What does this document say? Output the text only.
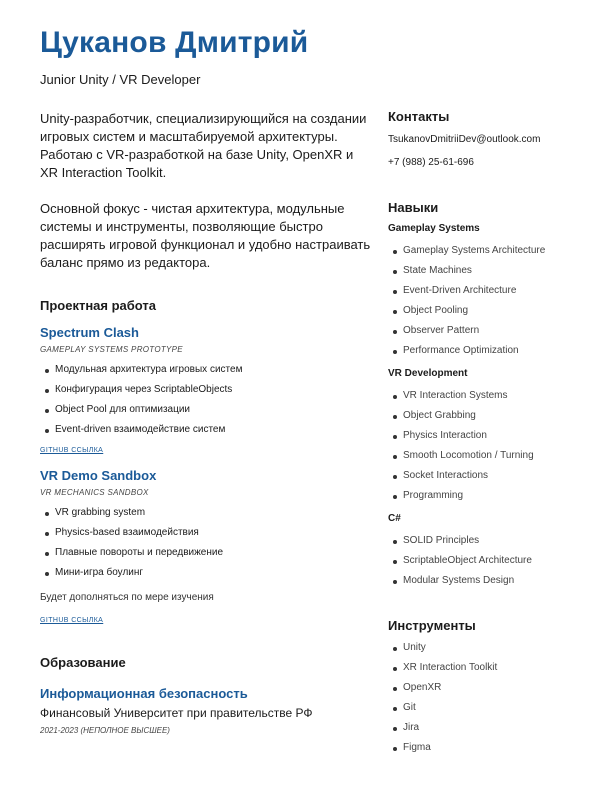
Цуканов Дмитрий
Junior Unity / VR Developer

Unity-разработчик, специализирующийся на создании игровых систем и масштабируемой архитектуры. Работаю с VR-разработкой на базе Unity, OpenXR и XR Interaction Toolkit.

Основной фокус - чистая архитектура, модульные системы и инструменты, позволяющие быстро расширять игровой функционал и удобно настраивать баланс прямо из редактора.

Проектная работа
Spectrum Clash
GAMEPLAY SYSTEMS PROTOTYPE
Модульная архитектура игровых систем
Конфигурация через ScriptableObjects
Object Pool для оптимизации
Event-driven взаимодействие систем
GITHUB ССЫЛКА
VR Demo Sandbox
VR MECHANICS SANDBOX
VR grabbing system
Physics-based взаимодействия
Плавные повороты и передвижение
Мини-игра боулинг
Будет дополняться по мере изучения
GITHUB ССЫЛКА
Образование
Информационная безопасность
Финансовый Университет при правительстве РФ
2021-2023 (НЕПОЛНОЕ ВЫСШЕЕ)
Контакты
TsukanovDmitriiDev@outlook.com
+7 (988) 25-61-696
Навыки
Gameplay Systems
Gameplay Systems Architecture
State Machines
Event-Driven Architecture
Object Pooling
Observer Pattern
Performance Optimization
VR Development
VR Interaction Systems
Object Grabbing
Physics Interaction
Smooth Locomotion / Turning
Socket Interactions
Programming
C#
SOLID Principles
ScriptableObject Architecture
Modular Systems Design
Инструменты
Unity
XR Interaction Toolkit
OpenXR
Git
Jira
Figma
